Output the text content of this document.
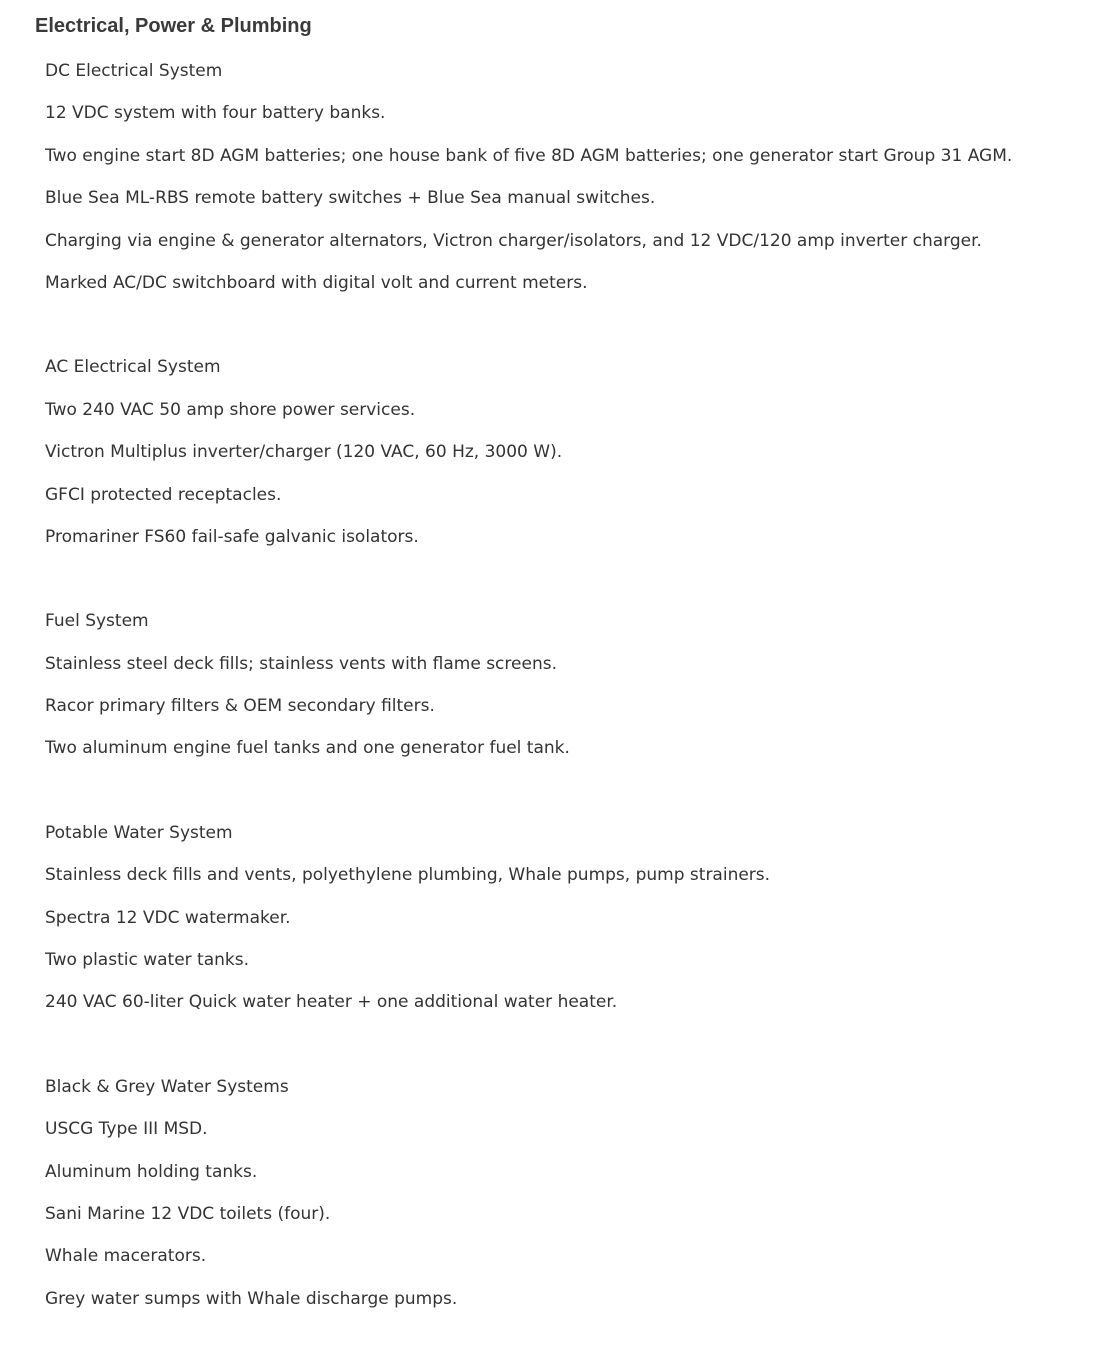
Electrical, Power & Plumbing
DC Electrical System
12 VDC system with four battery banks.
Two engine start 8D AGM batteries; one house bank of five 8D AGM batteries; one generator start Group 31 AGM.
Blue Sea ML-RBS remote battery switches + Blue Sea manual switches.
Charging via engine & generator alternators, Victron charger/isolators, and 12 VDC/120 amp inverter charger.
Marked AC/DC switchboard with digital volt and current meters.
AC Electrical System
Two 240 VAC 50 amp shore power services.
Victron Multiplus inverter/charger (120 VAC, 60 Hz, 3000 W).
GFCI protected receptacles.
Promariner FS60 fail-safe galvanic isolators.
Fuel System
Stainless steel deck fills; stainless vents with flame screens.
Racor primary filters & OEM secondary filters.
Two aluminum engine fuel tanks and one generator fuel tank.
Potable Water System
Stainless deck fills and vents, polyethylene plumbing, Whale pumps, pump strainers.
Spectra 12 VDC watermaker.
Two plastic water tanks.
240 VAC 60-liter Quick water heater + one additional water heater.
Black & Grey Water Systems
USCG Type III MSD.
Aluminum holding tanks.
Sani Marine 12 VDC toilets (four).
Whale macerators.
Grey water sumps with Whale discharge pumps.
